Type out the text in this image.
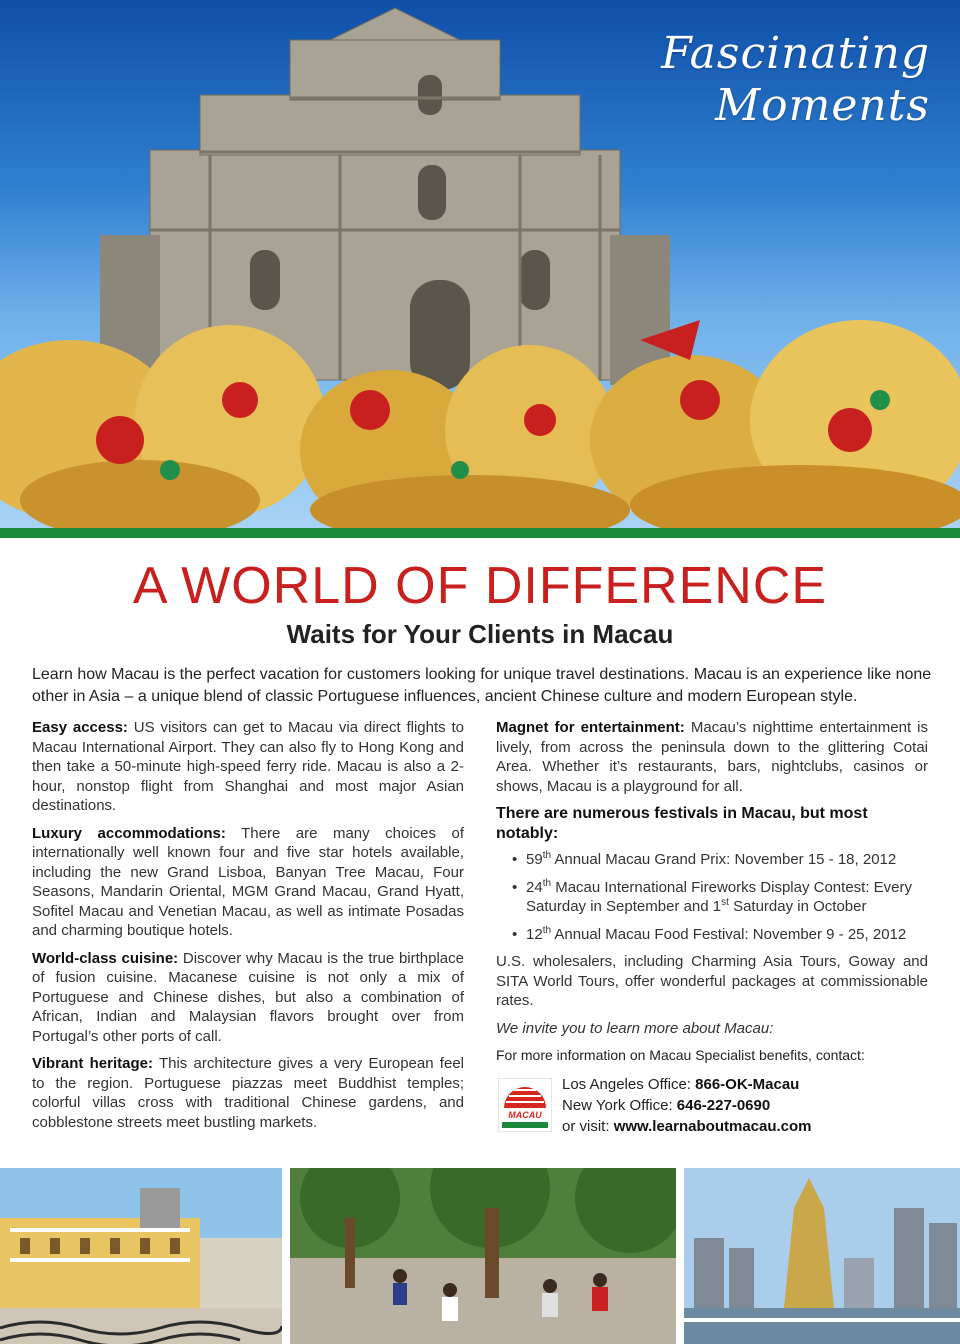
Fascinating
Moments
A WORLD OF DIFFERENCE
Waits for Your Clients in Macau
Learn how Macau is the perfect vacation for customers looking for unique travel destinations. Macau is an experience like none other in Asia – a unique blend of classic Portuguese influences, ancient Chinese culture and modern European style.

Easy access: US visitors can get to Macau via direct flights to Macau International Airport. They can also fly to Hong Kong and then take a 50-minute high-speed ferry ride. Macau is also a 2-hour, nonstop flight from Shanghai and most major Asian destinations.

Luxury accommodations: There are many choices of internationally well known four and five star hotels available, including the new Grand Lisboa, Banyan Tree Macau, Four Seasons, Mandarin Oriental, MGM Grand Macau, Grand Hyatt, Sofitel Macau and Venetian Macau, as well as intimate Posadas and charming boutique hotels.

World-class cuisine: Discover why Macau is the true birthplace of fusion cuisine. Macanese cuisine is not only a mix of Portuguese and Chinese dishes, but also a combination of African, Indian and Malaysian flavors brought over from Portugal’s other ports of call.

Vibrant heritage: This architecture gives a very European feel to the region. Portuguese piazzas meet Buddhist temples; colorful villas cross with traditional Chinese gardens, and cobblestone streets meet bustling markets.

Magnet for entertainment: Macau’s nighttime entertainment is lively, from across the peninsula down to the glittering Cotai Area. Whether it’s restaurants, bars, nightclubs, casinos or shows, Macau is a playground for all.

There are numerous festivals in Macau, but most notably:
• 59th Annual Macau Grand Prix: November 15 - 18, 2012
• 24th Macau International Fireworks Display Contest: Every Saturday in September and 1st Saturday in October
• 12th Annual Macau Food Festival: November 9 - 25, 2012

U.S. wholesalers, including Charming Asia Tours, Goway and SITA World Tours, offer wonderful packages at commissionable rates.

We invite you to learn more about Macau:

For more information on Macau Specialist benefits, contact:
MACAU
Los Angeles Office: 866-OK-Macau
New York Office: 646-227-0690
or visit: www.learnaboutmacau.com
